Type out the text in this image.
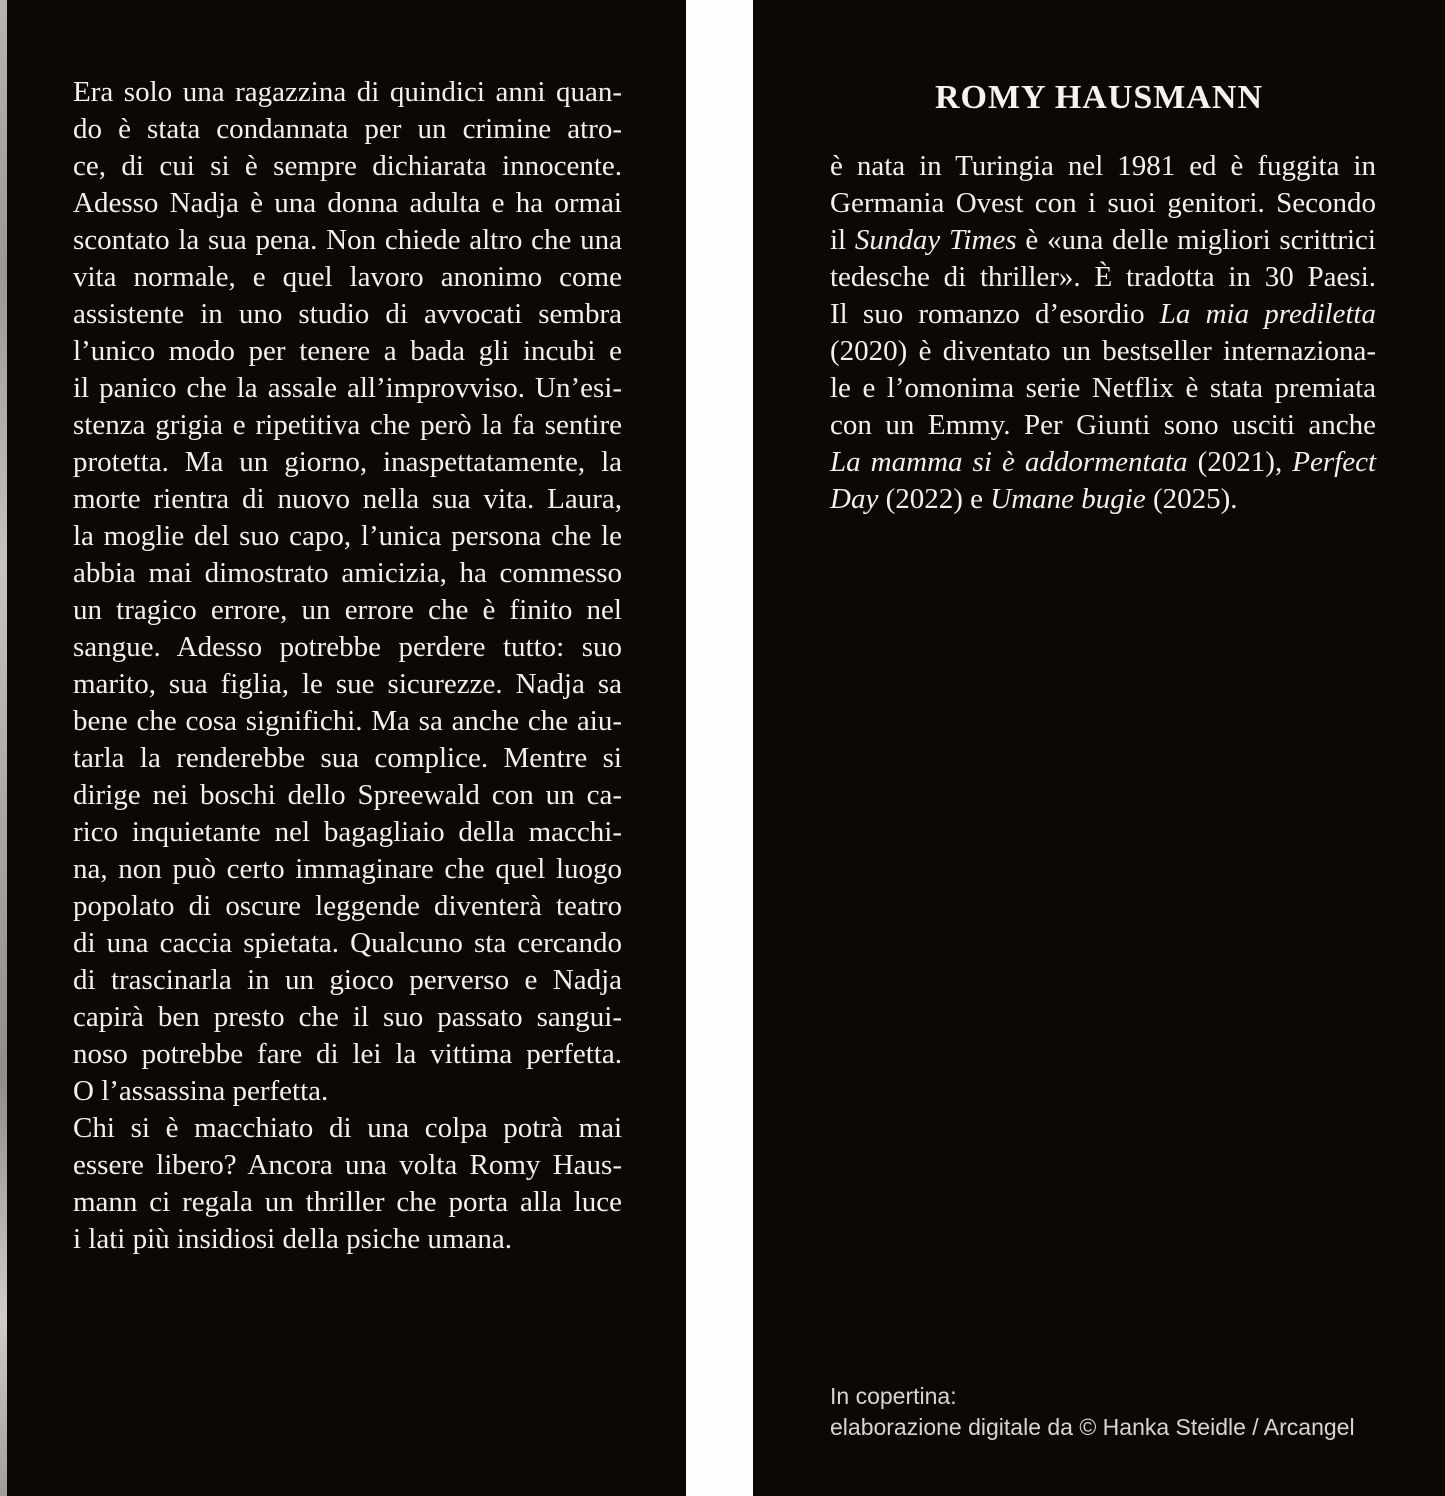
Era solo una ragazzina di quindici anni quan-
do è stata condannata per un crimine atro-
ce, di cui si è sempre dichiarata innocente.
Adesso Nadja è una donna adulta e ha ormai
scontato la sua pena. Non chiede altro che una
vita normale, e quel lavoro anonimo come
assistente in uno studio di avvocati sembra
l’unico modo per tenere a bada gli incubi e
il panico che la assale all’improvviso. Un’esi-
stenza grigia e ripetitiva che però la fa sentire
protetta. Ma un giorno, inaspettatamente, la
morte rientra di nuovo nella sua vita. Laura,
la moglie del suo capo, l’unica persona che le
abbia mai dimostrato amicizia, ha commesso
un tragico errore, un errore che è finito nel
sangue. Adesso potrebbe perdere tutto: suo
marito, sua figlia, le sue sicurezze. Nadja sa
bene che cosa significhi. Ma sa anche che aiu-
tarla la renderebbe sua complice. Mentre si
dirige nei boschi dello Spreewald con un ca-
rico inquietante nel bagagliaio della macchi-
na, non può certo immaginare che quel luogo
popolato di oscure leggende diventerà teatro
di una caccia spietata. Qualcuno sta cercando
di trascinarla in un gioco perverso e Nadja
capirà ben presto che il suo passato sangui-
noso potrebbe fare di lei la vittima perfetta.
O l’assassina perfetta.
Chi si è macchiato di una colpa potrà mai
essere libero? Ancora una volta Romy Haus-
mann ci regala un thriller che porta alla luce
i lati più insidiosi della psiche umana.
ROMY HAUSMANN
è nata in Turingia nel 1981 ed è fuggita in
Germania Ovest con i suoi genitori. Secondo
il Sunday Times è «una delle migliori scrittrici
tedesche di thriller». È tradotta in 30 Paesi.
Il suo romanzo d’esordio La mia prediletta
(2020) è diventato un bestseller internaziona-
le e l’omonima serie Netflix è stata premiata
con un Emmy. Per Giunti sono usciti anche
La mamma si è addormentata (2021), Perfect
Day (2022) e Umane bugie (2025).
In copertina:
elaborazione digitale da © Hanka Steidle / Arcangel
